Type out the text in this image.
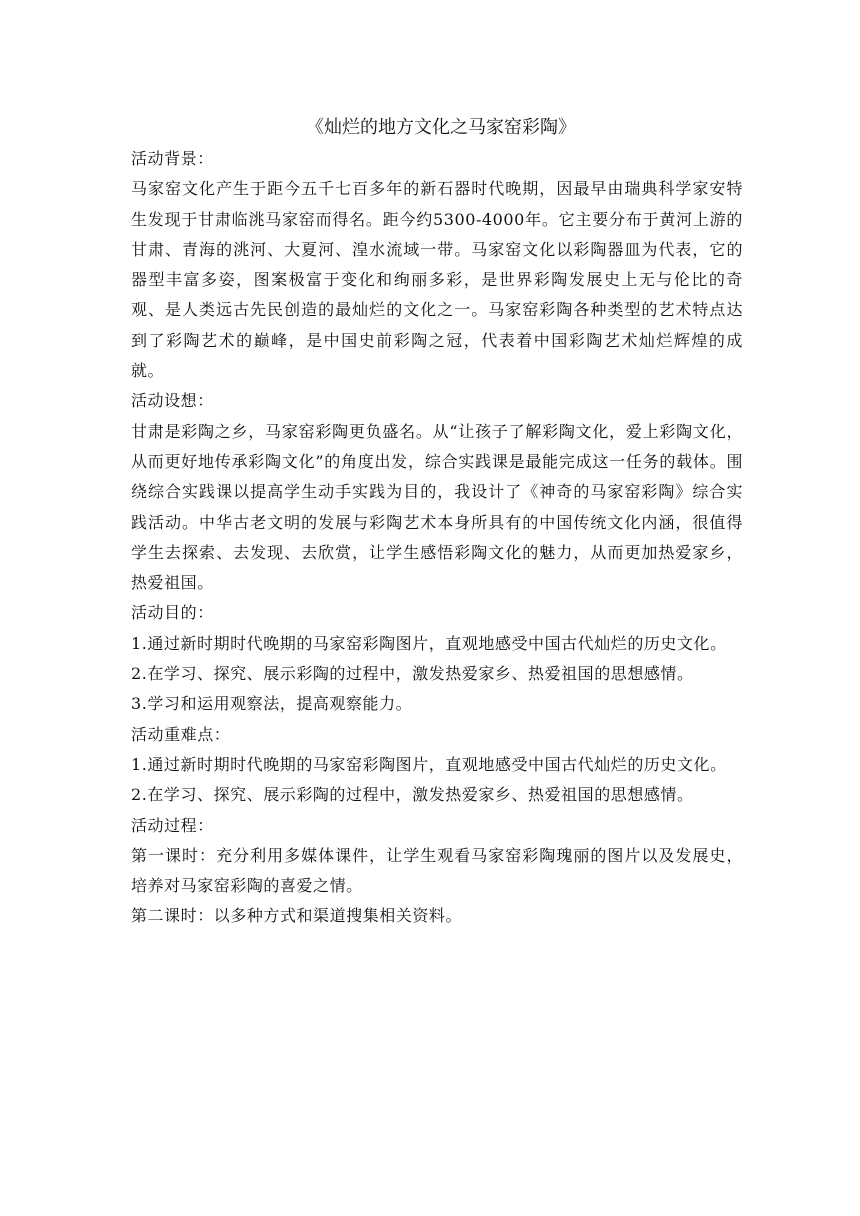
《灿烂的地方文化之马家窑彩陶》

活动背景：

马家窑文化产生于距今五千七百多年的新石器时代晚期，因最早由瑞典科学家安特生发现于甘肃临洮马家窑而得名。距今约5300-4000年。它主要分布于黄河上游的甘肃、青海的洮河、大夏河、湟水流域一带。马家窑文化以彩陶器皿为代表，它的器型丰富多姿，图案极富于变化和绚丽多彩，是世界彩陶发展史上无与伦比的奇观、是人类远古先民创造的最灿烂的文化之一。马家窑彩陶各种类型的艺术特点达到了彩陶艺术的巅峰，是中国史前彩陶之冠，代表着中国彩陶艺术灿烂辉煌的成就。

活动设想：

甘肃是彩陶之乡，马家窑彩陶更负盛名。从“让孩子了解彩陶文化，爱上彩陶文化，从而更好地传承彩陶文化”的角度出发，综合实践课是最能完成这一任务的载体。围绕综合实践课以提高学生动手实践为目的，我设计了《神奇的马家窑彩陶》综合实践活动。中华古老文明的发展与彩陶艺术本身所具有的中国传统文化内涵，很值得学生去探索、去发现、去欣赏，让学生感悟彩陶文化的魅力，从而更加热爱家乡，热爱祖国。

活动目的：

1.通过新时期时代晚期的马家窑彩陶图片，直观地感受中国古代灿烂的历史文化。

2.在学习、探究、展示彩陶的过程中，激发热爱家乡、热爱祖国的思想感情。

3.学习和运用观察法，提高观察能力。

活动重难点：

1.通过新时期时代晚期的马家窑彩陶图片，直观地感受中国古代灿烂的历史文化。

2.在学习、探究、展示彩陶的过程中，激发热爱家乡、热爱祖国的思想感情。

活动过程：

第一课时：充分利用多媒体课件，让学生观看马家窑彩陶瑰丽的图片以及发展史，培养对马家窑彩陶的喜爱之情。

第二课时：以多种方式和渠道搜集相关资料。
